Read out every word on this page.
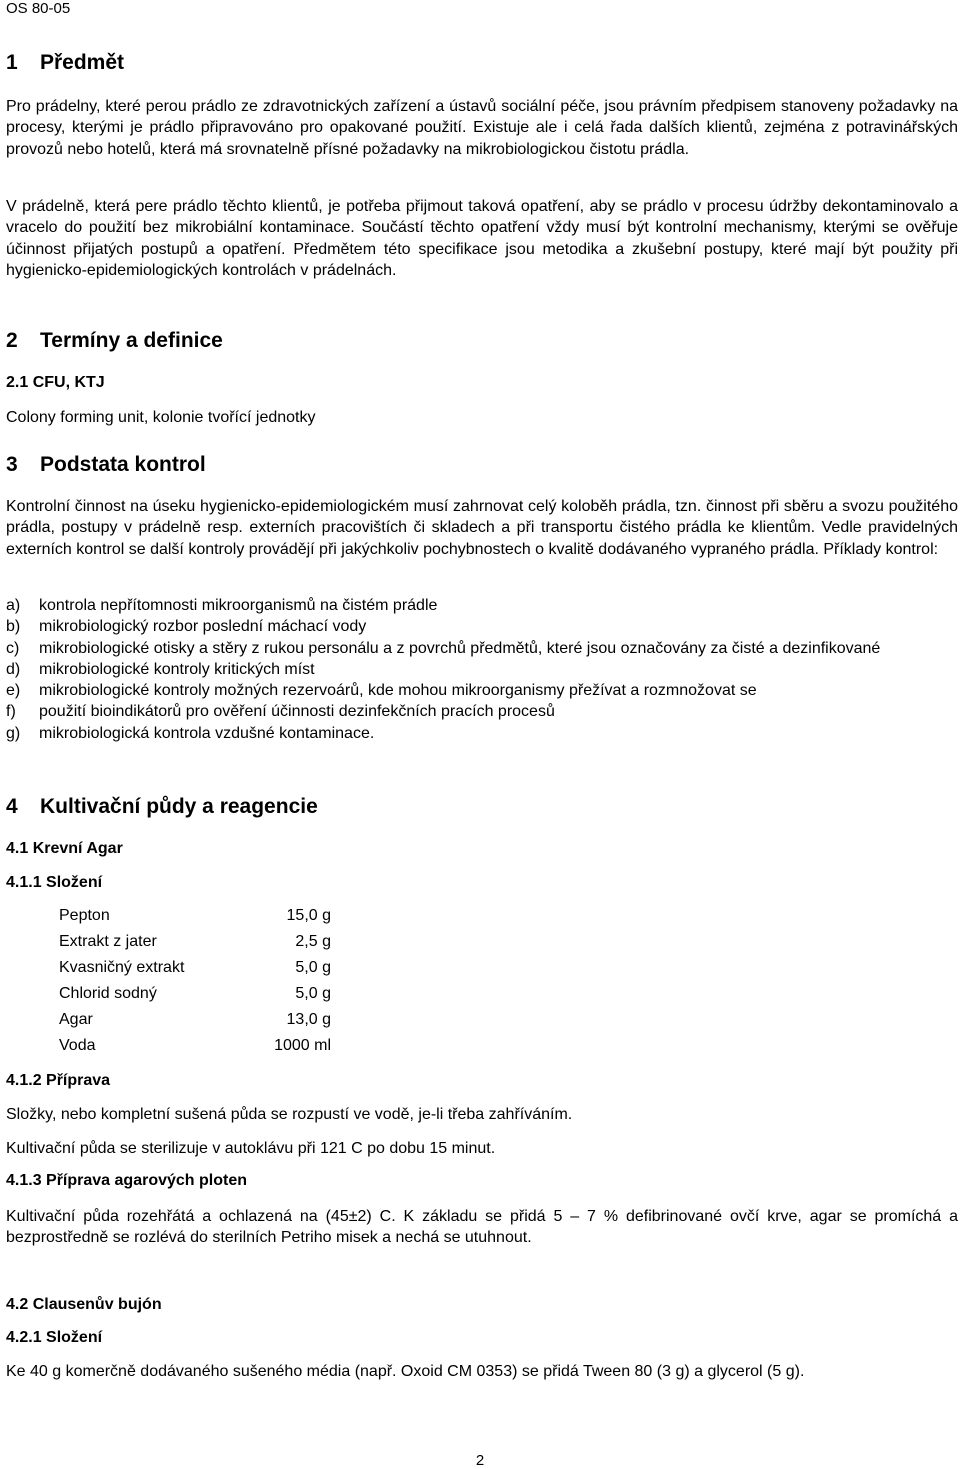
OS 80-05
1 Předmět

Pro prádelny, které perou prádlo ze zdravotnických zařízení a ústavů sociální péče, jsou právním předpisem stanoveny požadavky na procesy, kterými je prádlo připravováno pro opakované použití. Existuje ale i celá řada dalších klientů, zejména z potravinářských provozů nebo hotelů, která má srovnatelně přísné požadavky na mikrobiologickou čistotu prádla.

V prádelně, která pere prádlo těchto klientů, je potřeba přijmout taková opatření, aby se prádlo v procesu údržby dekontaminovalo a vracelo do použití bez mikrobiální kontaminace. Součástí těchto opatření vždy musí být kontrolní mechanismy, kterými se ověřuje účinnost přijatých postupů a opatření. Předmětem této specifikace jsou metodika a zkušební postupy, které mají být použity při hygienicko-epidemiologických kontrolách v prádelnách.

2 Termíny a definice
2.1 CFU, KTJ

Colony forming unit, kolonie tvořící jednotky

3 Podstata kontrol

Kontrolní činnost na úseku hygienicko-epidemiologickém musí zahrnovat celý koloběh prádla, tzn. činnost při sběru a svozu použitého prádla, postupy v prádelně resp. externích pracovištích či skladech a při transportu čistého prádla ke klientům. Vedle pravidelných externích kontrol se další kontroly provádějí při jakýchkoliv pochybnostech o kvalitě dodávaného vypraného prádla. Příklady kontrol:

a) kontrola nepřítomnosti mikroorganismů na čistém prádle
b) mikrobiologický rozbor poslední máchací vody
c) mikrobiologické otisky a stěry z rukou personálu a z povrchů předmětů, které jsou označovány za čisté a dezinfikované
d) mikrobiologické kontroly kritických míst
e) mikrobiologické kontroly možných rezervoárů, kde mohou mikroorganismy přežívat a rozmnožovat se
f) použití bioindikátorů pro ověření účinnosti dezinfekčních pracích procesů
g) mikrobiologická kontrola vzdušné kontaminace.
4 Kultivační půdy a reagencie
4.1 Krevní Agar
4.1.1 Složení
Pepton	15,0 g
Extrakt z jater	2,5 g
Kvasničný extrakt	5,0 g
Chlorid sodný	5,0 g
Agar	13,0 g
Voda	1000 ml
4.1.2 Příprava

Složky, nebo kompletní sušená půda se rozpustí ve vodě, je-li třeba zahříváním.

Kultivační půda se sterilizuje v autoklávu při 121 C po dobu 15 minut.

4.1.3 Příprava agarových ploten

Kultivační půda rozehřátá a ochlazená na (45±2) C. K základu se přidá 5 – 7 % defibrinované ovčí krve, agar se promíchá a bezprostředně se rozlévá do sterilních Petriho misek a nechá se utuhnout.

4.2 Clausenův bujón
4.2.1 Složení

Ke 40 g komerčně dodávaného sušeného média (např. Oxoid CM 0353) se přidá Tween 80 (3 g) a glycerol (5 g).

2
